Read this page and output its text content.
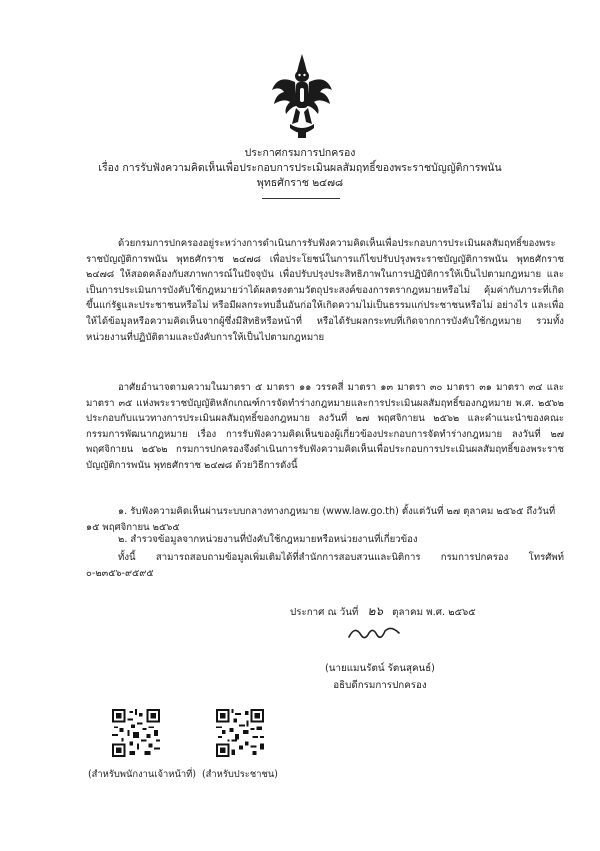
ประกาศกรมการปกครอง
เรื่อง การรับฟังความคิดเห็นเพื่อประกอบการประเมินผลสัมฤทธิ์ของพระราชบัญญัติการพนัน
พุทธศักราช ๒๔๗๘
ด้วยกรมการปกครองอยู่ระหว่างการดำเนินการรับฟังความคิดเห็นเพื่อประกอบการประเมินผลสัมฤทธิ์ของพระราชบัญญัติการพนัน พุทธศักราช ๒๔๗๘ เพื่อประโยชน์ในการแก้ไขปรับปรุงพระราชบัญญัติการพนัน พุทธศักราช ๒๔๗๘ ให้สอดคล้องกับสภาพการณ์ในปัจจุบัน เพื่อปรับปรุงประสิทธิภาพในการปฏิบัติการให้เป็นไปตามกฎหมาย และเป็นการประเมินการบังคับใช้กฎหมายว่าได้ผลตรงตามวัตถุประสงค์ของการตรากฎหมายหรือไม่ คุ้มค่ากับภาระที่เกิดขึ้นแก่รัฐและประชาชนหรือไม่ หรือมีผลกระทบอื่นอันก่อให้เกิดความไม่เป็นธรรมแก่ประชาชนหรือไม่ อย่างไร และเพื่อให้ได้ข้อมูลหรือความคิดเห็นจากผู้ซึ่งมีสิทธิหรือหน้าที่ หรือได้รับผลกระทบที่เกิดจากการบังคับใช้กฎหมาย รวมทั้งหน่วยงานที่ปฏิบัติตามและบังคับการให้เป็นไปตามกฎหมาย
อาศัยอำนาจตามความในมาตรา ๕ มาตรา ๑๑ วรรคสี่ มาตรา ๑๓ มาตรา ๓๐ มาตรา ๓๑ มาตรา ๓๔ และมาตรา ๓๕ แห่งพระราชบัญญัติหลักเกณฑ์การจัดทำร่างกฎหมายและการประเมินผลสัมฤทธิ์ของกฎหมาย พ.ศ. ๒๕๖๒ ประกอบกับแนวทางการประเมินผลสัมฤทธิ์ของกฎหมาย ลงวันที่ ๒๗ พฤศจิกายน ๒๕๖๒ และคำแนะนำของคณะกรรมการพัฒนากฎหมาย เรื่อง การรับฟังความคิดเห็นของผู้เกี่ยวข้องประกอบการจัดทำร่างกฎหมาย ลงวันที่ ๒๗ พฤศจิกายน ๒๕๖๒ กรมการปกครองจึงดำเนินการรับฟังความคิดเห็นเพื่อประกอบการประเมินผลสัมฤทธิ์ของพระราชบัญญัติการพนัน พุทธศักราช ๒๔๗๘ ด้วยวิธีการดังนี้
๑. รับฟังความคิดเห็นผ่านระบบกลางทางกฎหมาย (www.law.go.th) ตั้งแต่วันที่ ๒๗ ตุลาคม ๒๕๖๕ ถึงวันที่ ๑๕ พฤศจิกายน ๒๕๖๕
๒. สำรวจข้อมูลจากหน่วยงานที่บังคับใช้กฎหมายหรือหน่วยงานที่เกี่ยวข้อง
ทั้งนี้ สามารถสอบถามข้อมูลเพิ่มเติมได้ที่สำนักการสอบสวนและนิติการ กรมการปกครอง โทรศัพท์ ๐-๒๓๕๖-๙๕๙๕
ประกาศ ณ วันที่ ๒๖ ตุลาคม พ.ศ. ๒๕๖๕
(นายแมนรัตน์ รัตนสุคนธ์)
อธิบดีกรมการปกครอง
(สำหรับพนักงานเจ้าหน้าที่) (สำหรับประชาชน)
